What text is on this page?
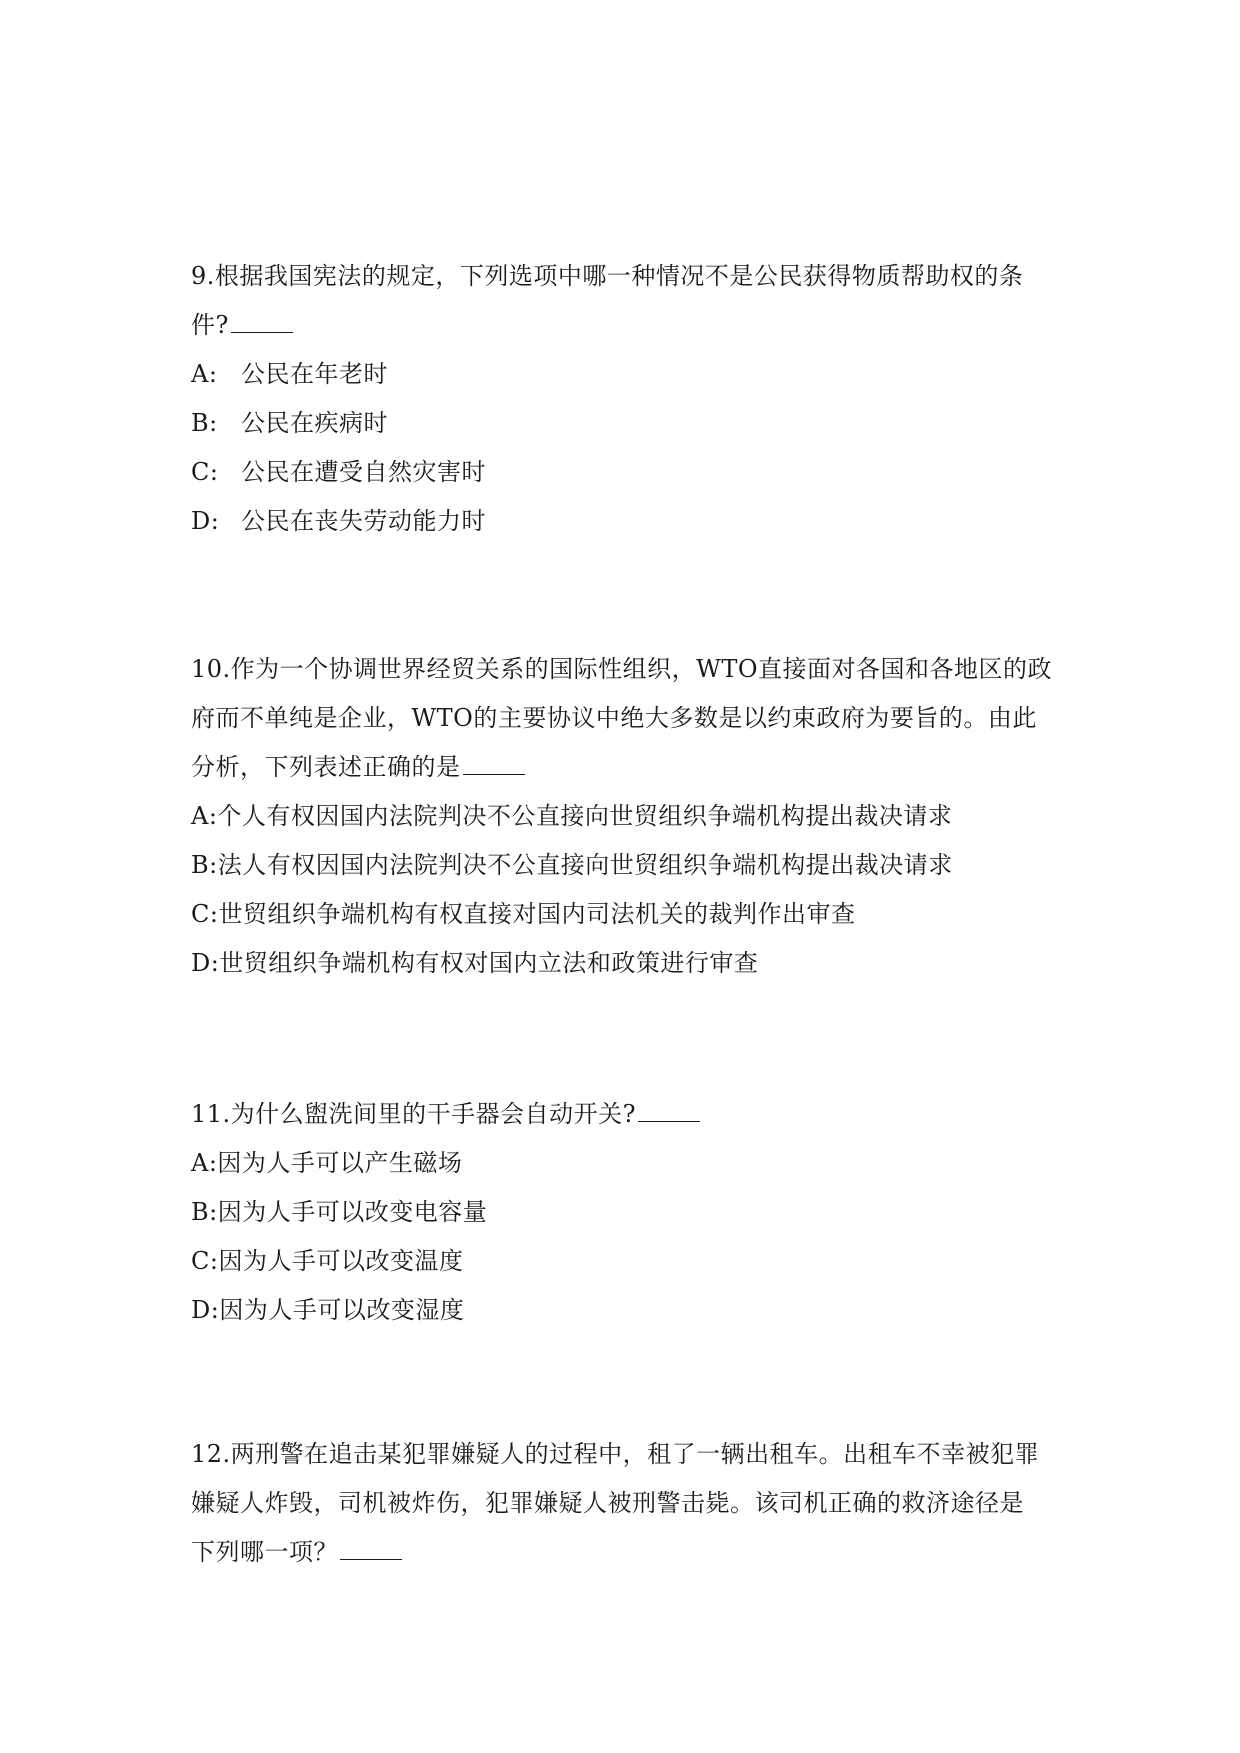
9.根据我国宪法的规定，下列选项中哪一种情况不是公民获得物质帮助权的条
件?
A: 公民在年老时
B: 公民在疾病时
C: 公民在遭受自然灾害时
D: 公民在丧失劳动能力时
10.作为一个协调世界经贸关系的国际性组织，WTO直接面对各国和各地区的政
府而不单纯是企业，WTO的主要协议中绝大多数是以约束政府为要旨的。由此
分析，下列表述正确的是
A: 个人有权因国内法院判决不公直接向世贸组织争端机构提出裁决请求
B: 法人有权因国内法院判决不公直接向世贸组织争端机构提出裁决请求
C: 世贸组织争端机构有权直接对国内司法机关的裁判作出审查
D: 世贸组织争端机构有权对国内立法和政策进行审查
11.为什么盥洗间里的干手器会自动开关?
A: 因为人手可以产生磁场
B: 因为人手可以改变电容量
C: 因为人手可以改变温度
D: 因为人手可以改变湿度
12.两刑警在追击某犯罪嫌疑人的过程中，租了一辆出租车。出租车不幸被犯罪
嫌疑人炸毁，司机被炸伤，犯罪嫌疑人被刑警击毙。该司机正确的救济途径是
下列哪一项？
